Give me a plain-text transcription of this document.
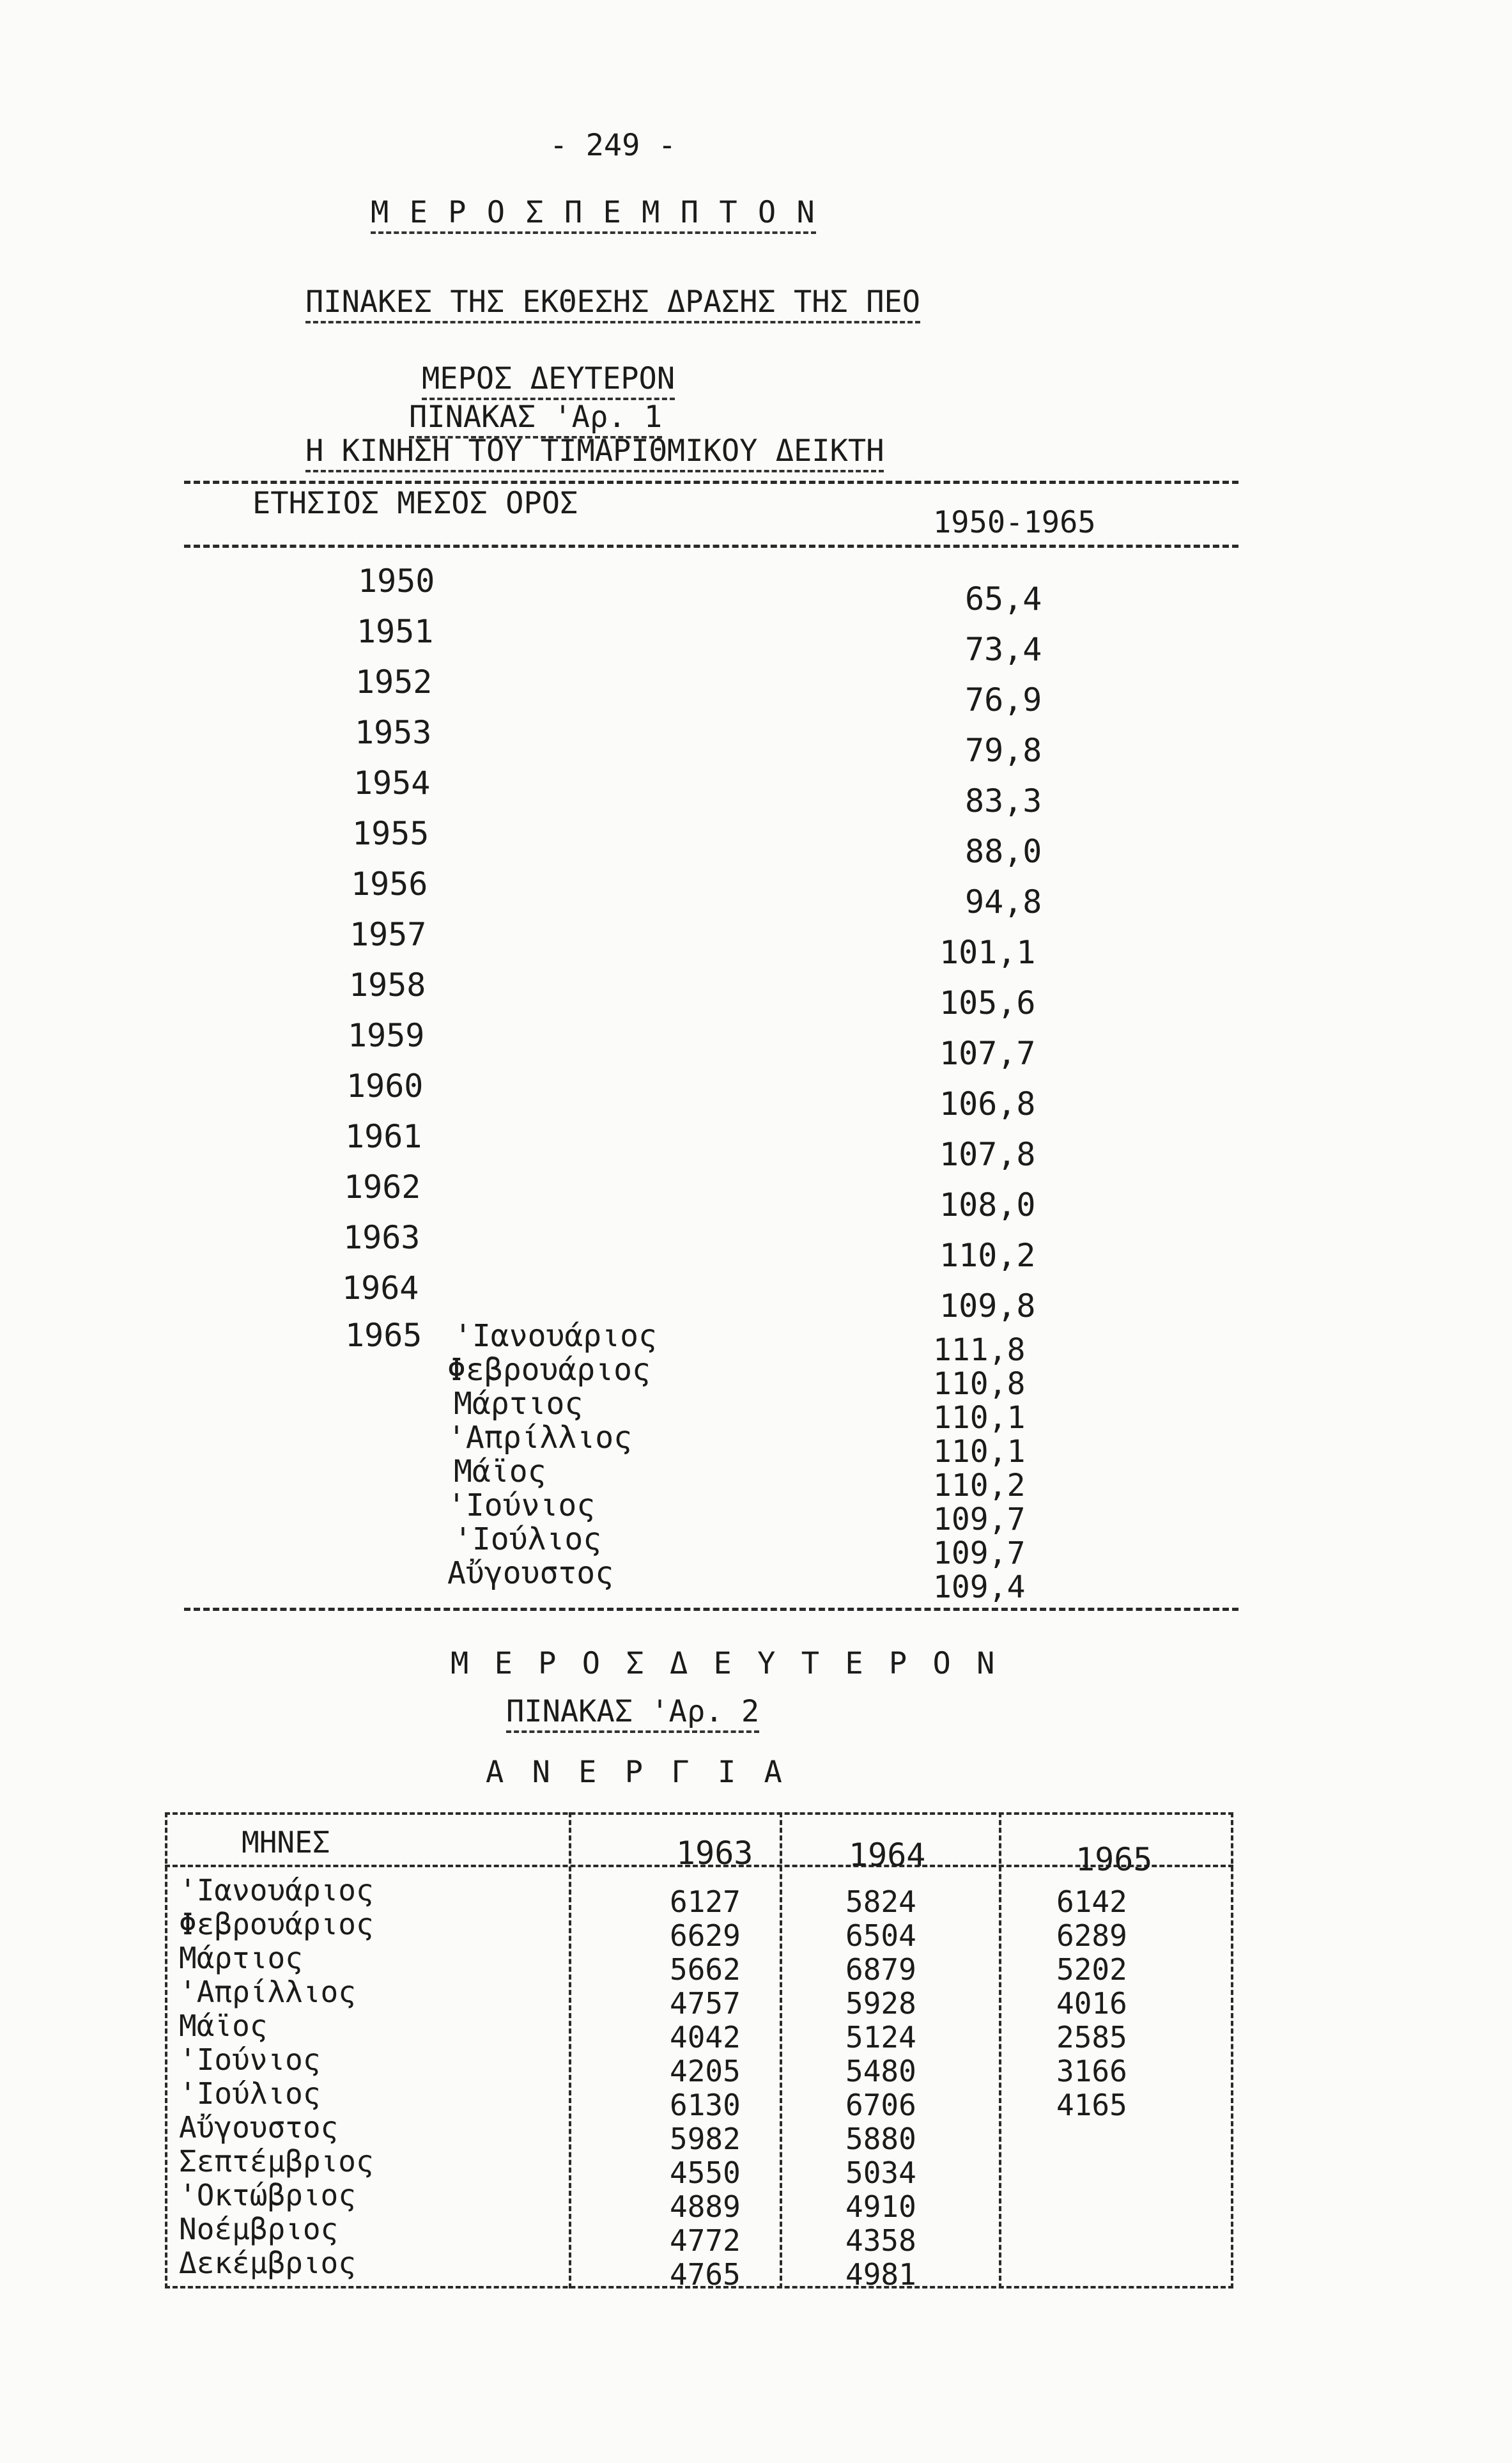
- 249 -
Μ Ε Ρ Ο Σ Π Ε Μ Π Τ Ο Ν
ΠΙΝΑΚΕΣ ΤΗΣ ΕΚΘΕΣΗΣ ΔΡΑΣΗΣ ΤΗΣ ΠΕΟ
ΜΕΡΟΣ ΔΕΥΤΕΡΟΝ
ΠΙΝΑΚΑΣ 'Αρ. 1
Η ΚΙΝΗΣΗ ΤΟΥ ΤΙΜΑΡΙΘΜΙΚΟΥ ΔΕΙΚΤΗ
ΕΤΗΣΙΟΣ ΜΕΣΟΣ ΟΡΟΣ
1950-1965
1950	65,4
1951	73,4
1952	76,9
1953	79,8
1954	83,3
1955	88,0
1956	94,8
1957	101,1
1958	105,6
1959	107,7
1960	106,8
1961	107,8
1962	108,0
1963	110,2
1964	109,8
1965 'Ιανουάριος	111,8
Φεβρουάριος	110,8
Μάρτιος	110,1
'Απρίλλιος	110,1
Μάϊος	110,2
'Ιούνιος	109,7
'Ιούλιος	109,7
Αὔγουστος	109,4
Μ Ε Ρ Ο Σ Δ Ε Υ Τ Ε Ρ Ο Ν
ΠΙΝΑΚΑΣ 'Αρ. 2
Α Ν Ε Ρ Γ Ι Α
ΜΗΝΕΣ	1963	1964	1965
'Ιανουάριος	6127	5824	6142
Φεβρουάριος	6629	6504	6289
Μάρτιος	5662	6879	5202
'Απρίλλιος	4757	5928	4016
Μάϊος	4042	5124	2585
'Ιούνιος	4205	5480	3166
'Ιούλιος	6130	6706	4165
Αὔγουστος	5982	5880
Σεπτέμβριος	4550	5034
'Οκτώβριος	4889	4910
Νοέμβριος	4772	4358
Δεκέμβριος	4765	4981
